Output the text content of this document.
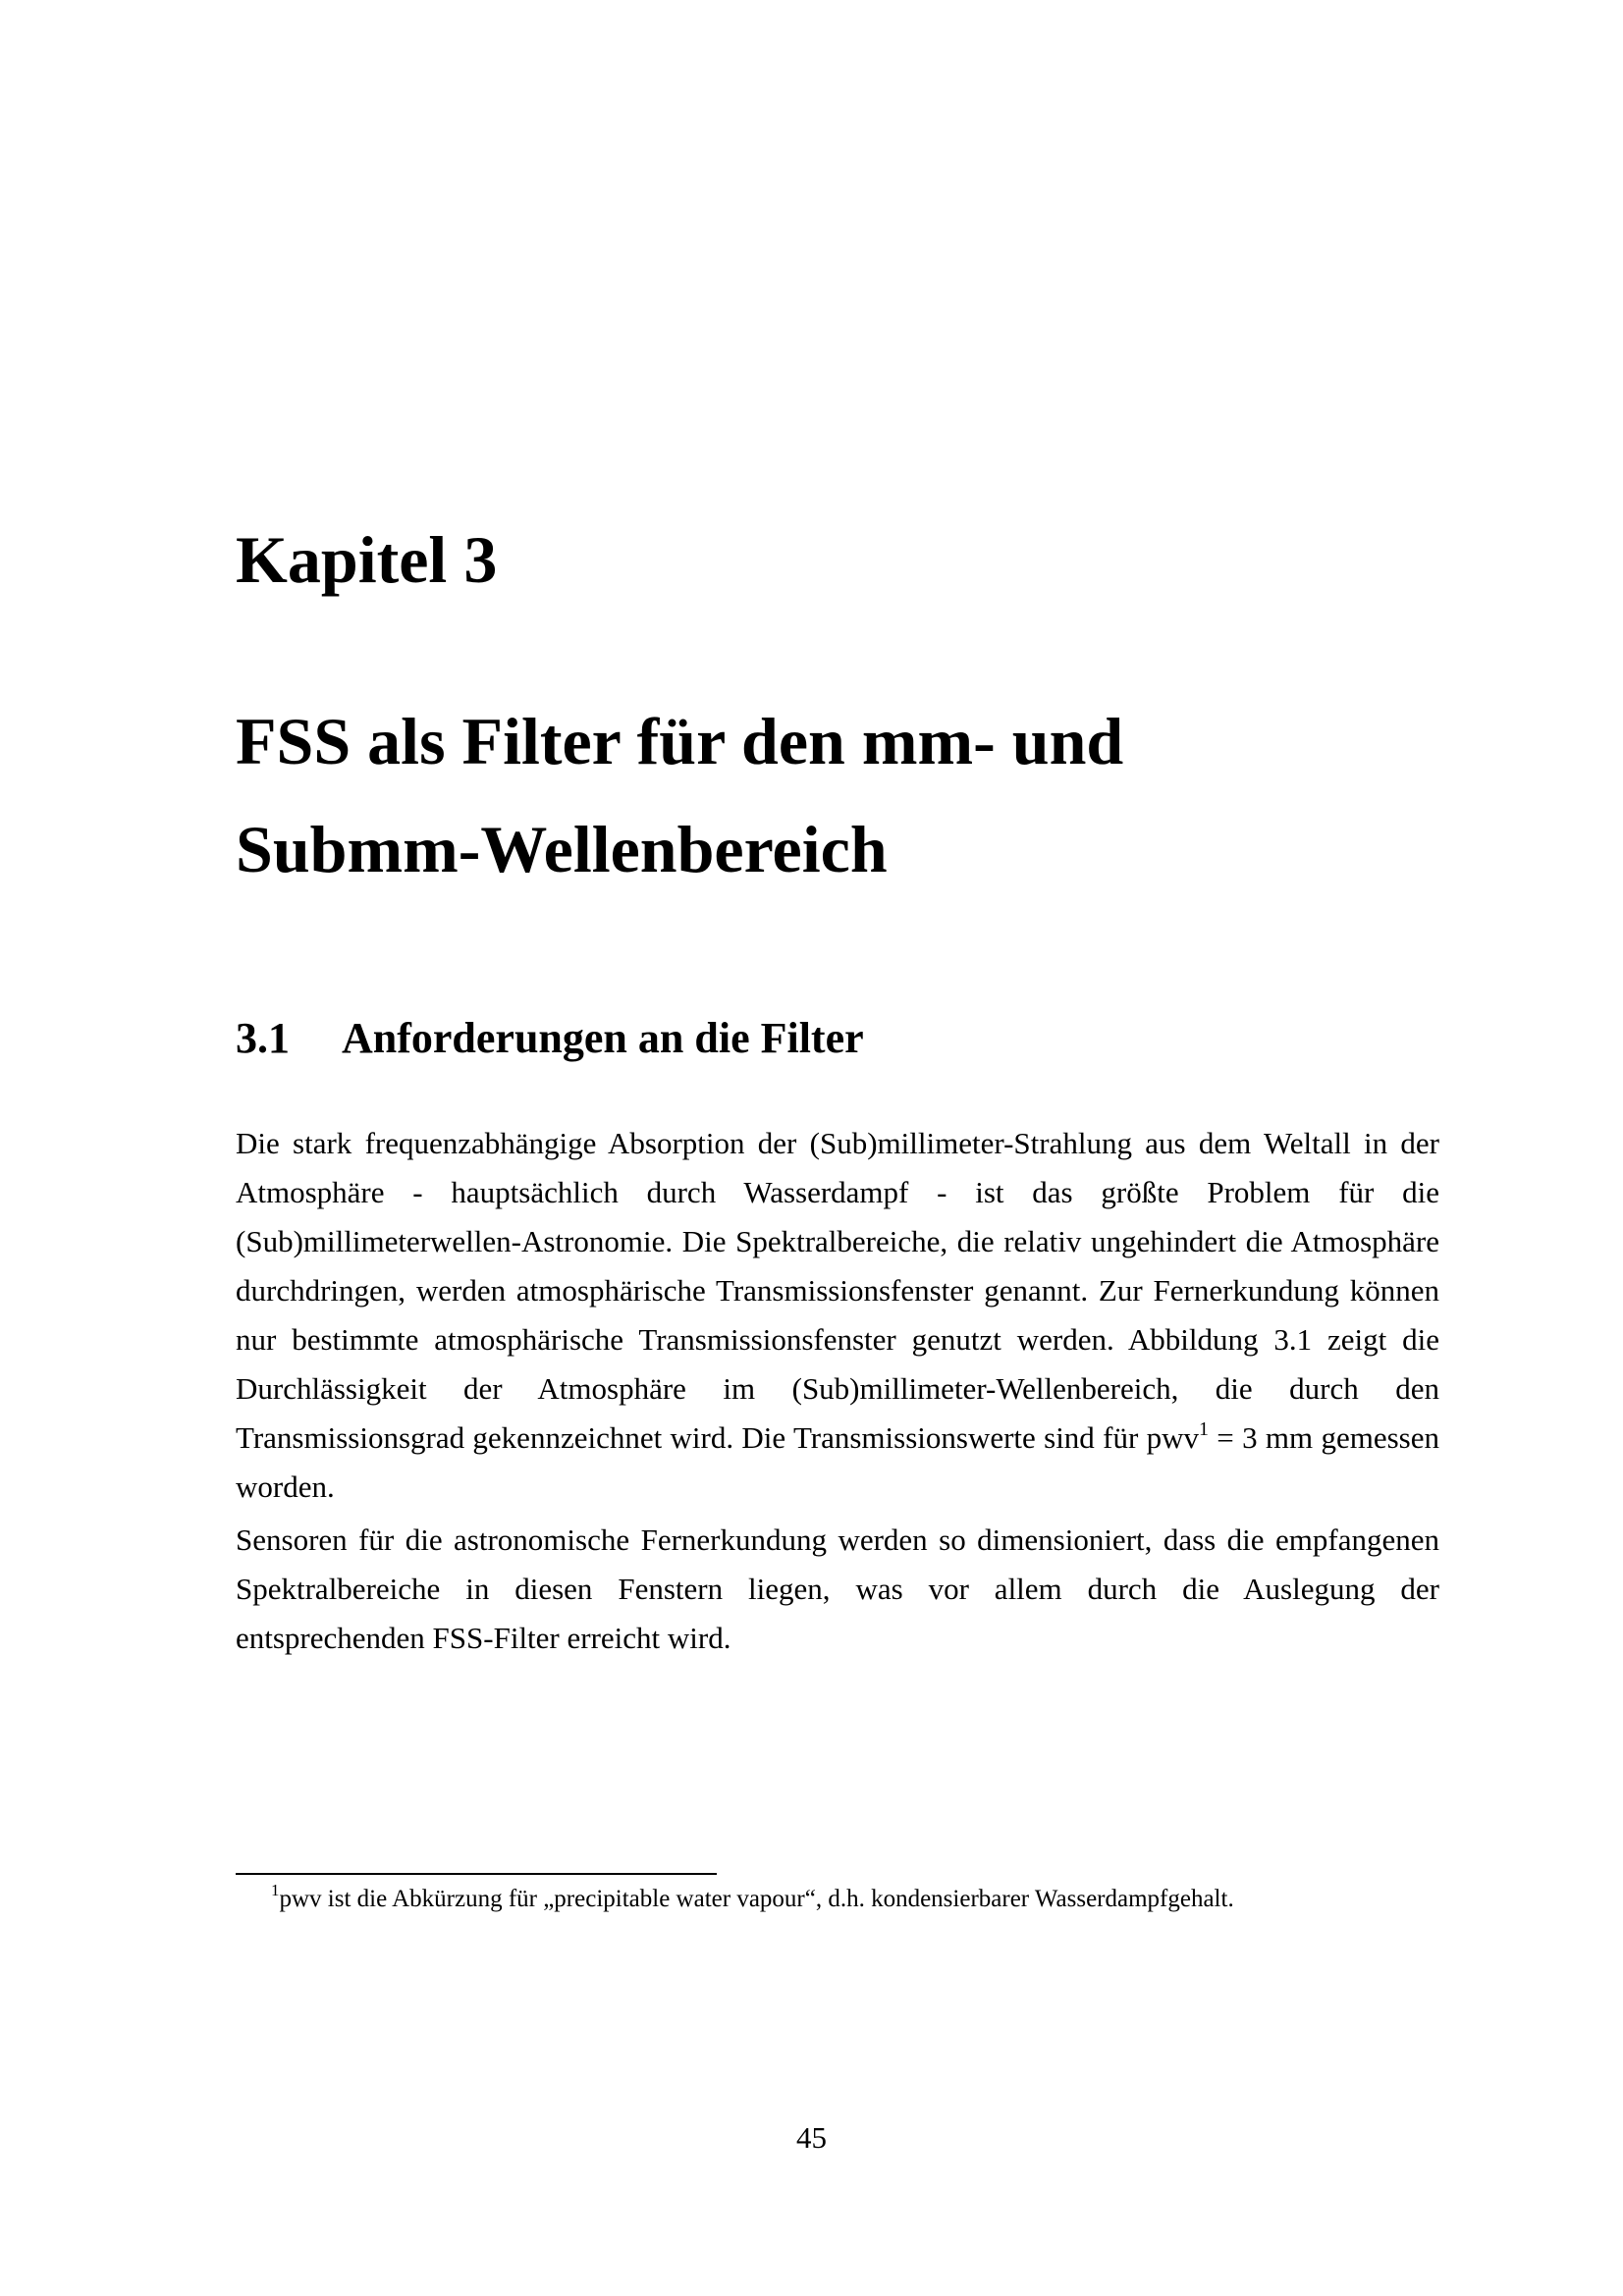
Kapitel 3
FSS als Filter für den mm- und
Submm-Wellenbereich
3.1 Anforderungen an die Filter

Die stark frequenzabhängige Absorption der (Sub)millimeter-Strahlung aus dem Weltall in der Atmosphäre - hauptsächlich durch Wasserdampf - ist das größte Problem für die (Sub)millimeterwellen-Astronomie. Die Spektralbereiche, die relativ ungehindert die Atmosphäre durchdringen, werden atmosphärische Transmissionsfenster genannt. Zur Fernerkundung können nur bestimmte atmosphärische Transmissionsfenster genutzt werden. Abbildung 3.1 zeigt die Durchlässigkeit der Atmosphäre im (Sub)millimeter-Wellenbereich, die durch den Transmissionsgrad gekennzeichnet wird. Die Transmissionswerte sind für pwv$^1$ = 3 mm gemessen worden.

Sensoren für die astronomische Fernerkundung werden so dimensioniert, dass die empfangenen Spektralbereiche in diesen Fenstern liegen, was vor allem durch die Auslegung der entsprechenden FSS-Filter erreicht wird.

$^1$pwv ist die Abkürzung für „precipitable water vapour“, d.h. kondensierbarer Wasserdampfgehalt.
45
